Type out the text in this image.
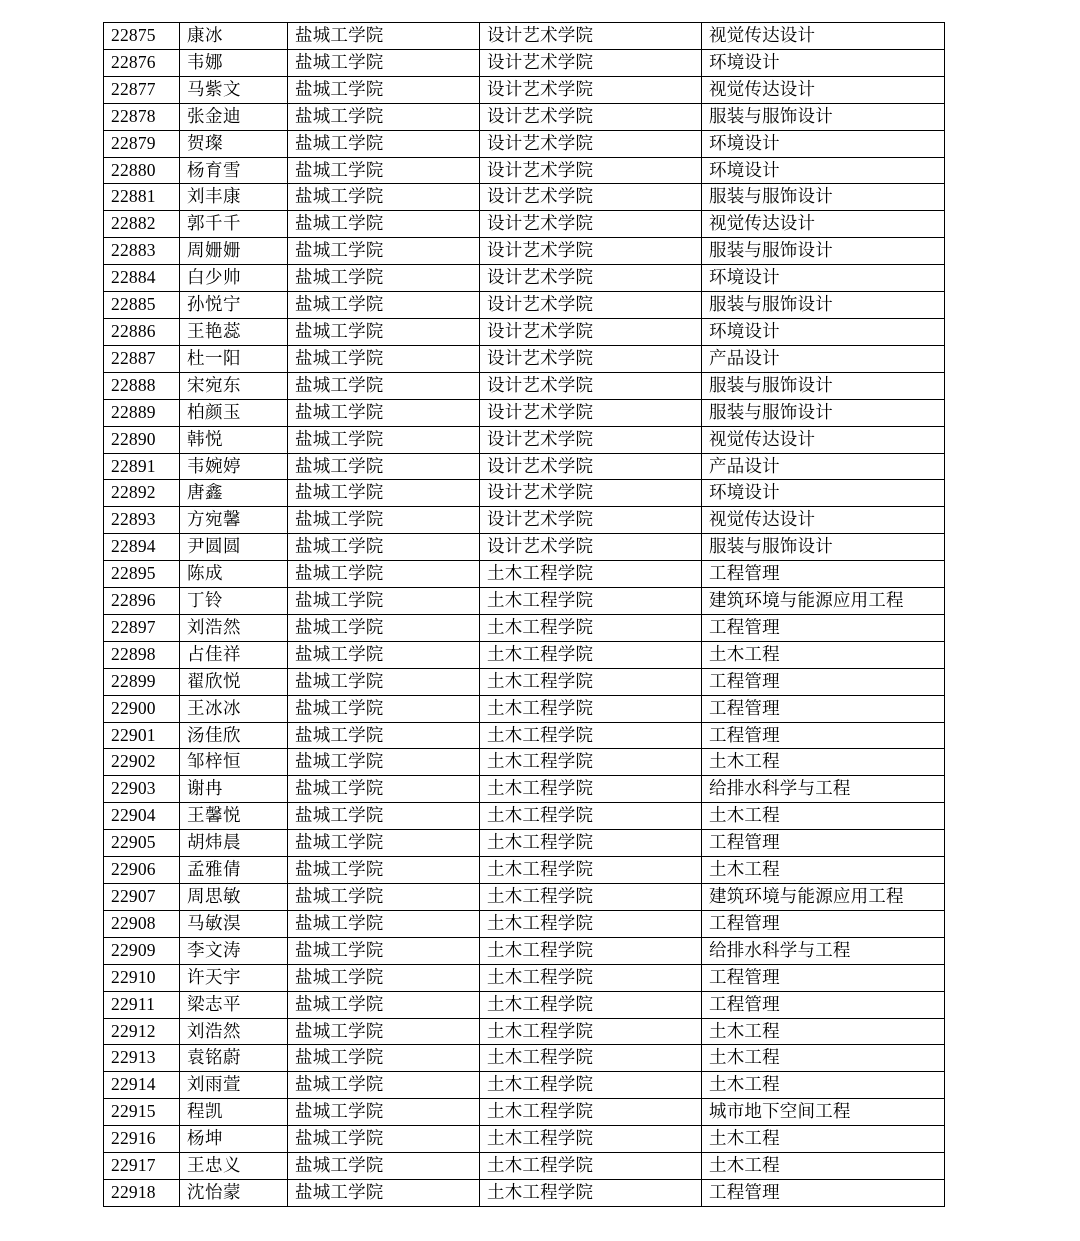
22875	康冰	盐城工学院	设计艺术学院	视觉传达设计
22876	韦娜	盐城工学院	设计艺术学院	环境设计
22877	马紫文	盐城工学院	设计艺术学院	视觉传达设计
22878	张金迪	盐城工学院	设计艺术学院	服装与服饰设计
22879	贺璨	盐城工学院	设计艺术学院	环境设计
22880	杨育雪	盐城工学院	设计艺术学院	环境设计
22881	刘丰康	盐城工学院	设计艺术学院	服装与服饰设计
22882	郭千千	盐城工学院	设计艺术学院	视觉传达设计
22883	周姗姗	盐城工学院	设计艺术学院	服装与服饰设计
22884	白少帅	盐城工学院	设计艺术学院	环境设计
22885	孙悦宁	盐城工学院	设计艺术学院	服装与服饰设计
22886	王艳蕊	盐城工学院	设计艺术学院	环境设计
22887	杜一阳	盐城工学院	设计艺术学院	产品设计
22888	宋宛东	盐城工学院	设计艺术学院	服装与服饰设计
22889	柏颜玉	盐城工学院	设计艺术学院	服装与服饰设计
22890	韩悦	盐城工学院	设计艺术学院	视觉传达设计
22891	韦婉婷	盐城工学院	设计艺术学院	产品设计
22892	唐鑫	盐城工学院	设计艺术学院	环境设计
22893	方宛馨	盐城工学院	设计艺术学院	视觉传达设计
22894	尹圆圆	盐城工学院	设计艺术学院	服装与服饰设计
22895	陈成	盐城工学院	土木工程学院	工程管理
22896	丁铃	盐城工学院	土木工程学院	建筑环境与能源应用工程
22897	刘浩然	盐城工学院	土木工程学院	工程管理
22898	占佳祥	盐城工学院	土木工程学院	土木工程
22899	翟欣悦	盐城工学院	土木工程学院	工程管理
22900	王冰冰	盐城工学院	土木工程学院	工程管理
22901	汤佳欣	盐城工学院	土木工程学院	工程管理
22902	邹梓恒	盐城工学院	土木工程学院	土木工程
22903	谢冉	盐城工学院	土木工程学院	给排水科学与工程
22904	王馨悦	盐城工学院	土木工程学院	土木工程
22905	胡炜晨	盐城工学院	土木工程学院	工程管理
22906	孟雅倩	盐城工学院	土木工程学院	土木工程
22907	周思敏	盐城工学院	土木工程学院	建筑环境与能源应用工程
22908	马敏淏	盐城工学院	土木工程学院	工程管理
22909	李文涛	盐城工学院	土木工程学院	给排水科学与工程
22910	许天宇	盐城工学院	土木工程学院	工程管理
22911	梁志平	盐城工学院	土木工程学院	工程管理
22912	刘浩然	盐城工学院	土木工程学院	土木工程
22913	袁铭蔚	盐城工学院	土木工程学院	土木工程
22914	刘雨萱	盐城工学院	土木工程学院	土木工程
22915	程凯	盐城工学院	土木工程学院	城市地下空间工程
22916	杨坤	盐城工学院	土木工程学院	土木工程
22917	王忠义	盐城工学院	土木工程学院	土木工程
22918	沈怡蒙	盐城工学院	土木工程学院	工程管理
